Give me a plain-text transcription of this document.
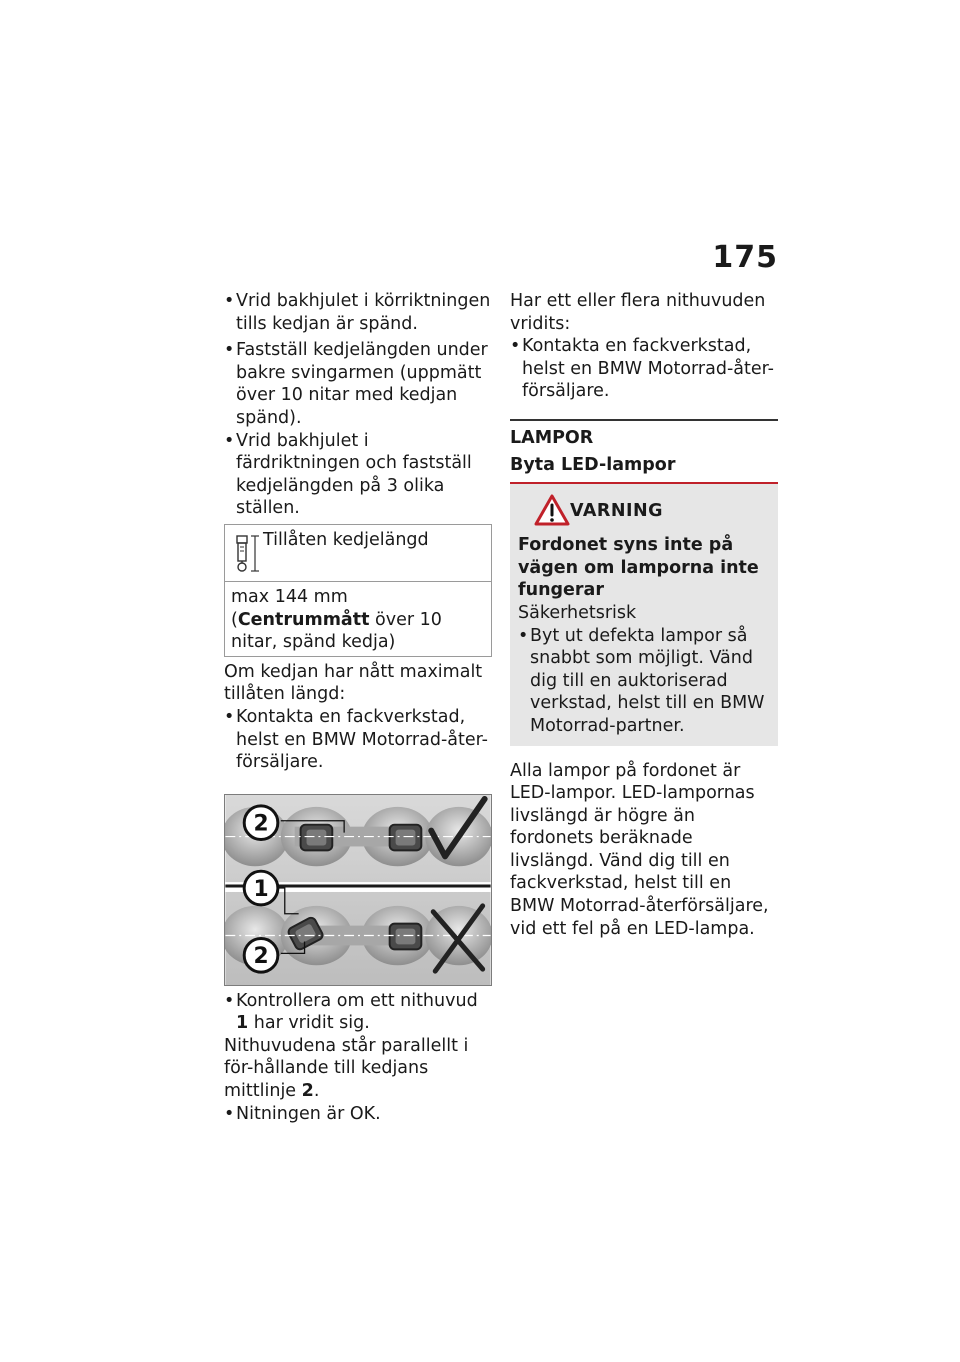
175
• Vrid bakhjulet i körriktningen tills kedjan är spänd.
• Fastställ kedjelängden under bakre svingarmen (uppmätt över 10 nitar med kedjan spänd).
• Vrid bakhjulet i färdriktningen och fastställ kedjelängden på 3 olika ställen.
Tillåten kedjelängd
max 144 mm (Centrummått över 10 nitar, spänd kedja)
Om kedjan har nått maximalt tillåten längd:
• Kontakta en fackverkstad, helst en BMW Motorrad-åter-försäljare.
2
1
2
• Kontrollera om ett nithuvud 1 har vridit sig.
Nithuvudena står parallellt i för-hållande till kedjans mittlinje 2.
• Nitningen är OK.
Har ett eller flera nithuvuden vridits:
• Kontakta en fackverkstad, helst en BMW Motorrad-åter-försäljare.
LAMPOR
Byta LED-lampor
VARNING
Fordonet syns inte på vägen om lamporna inte fungerar
Säkerhetsrisk
• Byt ut defekta lampor så snabbt som möjligt. Vänd dig till en auktoriserad verkstad, helst till en BMW Motorrad-partner.
Alla lampor på fordonet är LED-lampor. LED-lampornas livslängd är högre än fordonets beräknade livslängd. Vänd dig till en fackverkstad, helst till en BMW Motorrad-återförsäljare, vid ett fel på en LED-lampa.
